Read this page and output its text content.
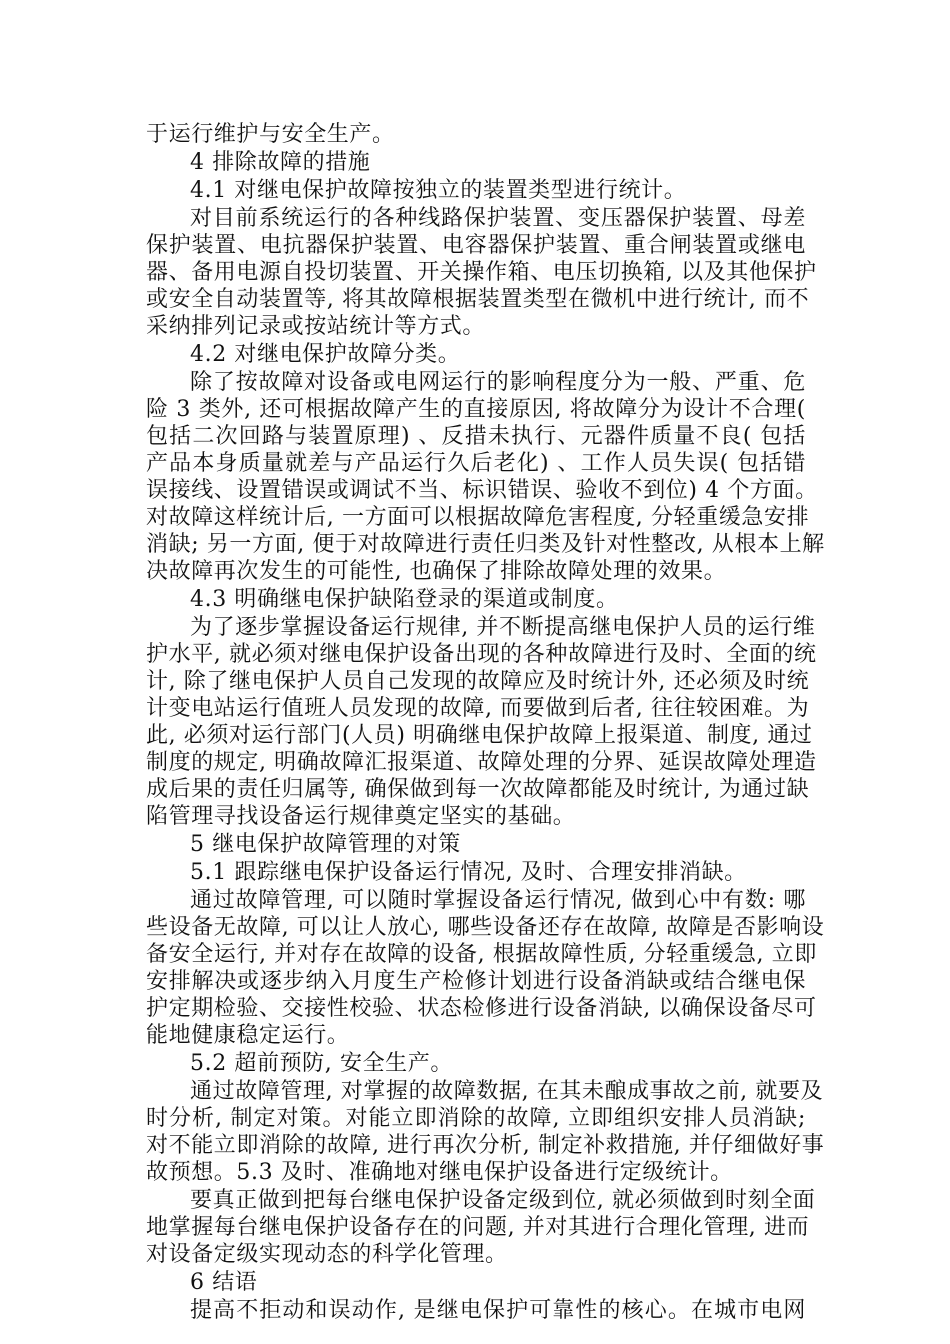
于运行维护与安全生产。
4 排除故障的措施
4.1 对继电保护故障按独立的装置类型进行统计。
对目前系统运行的各种线路保护装置、变压器保护装置、母差
保护装置、电抗器保护装置、电容器保护装置、重合闸装置或继电
器、备用电源自投切装置、开关操作箱、电压切换箱, 以及其他保护
或安全自动装置等, 将其故障根据装置类型在微机中进行统计, 而不
采纳排列记录或按站统计等方式。
4.2 对继电保护故障分类。
除了按故障对设备或电网运行的影响程度分为一般、严重、危
险 3 类外, 还可根据故障产生的直接原因, 将故障分为设计不合理(
包括二次回路与装置原理) 、反措未执行、元器件质量不良( 包括
产品本身质量就差与产品运行久后老化) 、工作人员失误( 包括错
误接线、设置错误或调试不当、标识错误、验收不到位) 4 个方面。
对故障这样统计后, 一方面可以根据故障危害程度, 分轻重缓急安排
消缺; 另一方面, 便于对故障进行责任归类及针对性整改, 从根本上解
决故障再次发生的可能性, 也确保了排除故障处理的效果。
4.3 明确继电保护缺陷登录的渠道或制度。
为了逐步掌握设备运行规律, 并不断提高继电保护人员的运行维
护水平, 就必须对继电保护设备出现的各种故障进行及时、全面的统
计, 除了继电保护人员自己发现的故障应及时统计外, 还必须及时统
计变电站运行值班人员发现的故障, 而要做到后者, 往往较困难。为
此, 必须对运行部门(人员) 明确继电保护故障上报渠道、制度, 通过
制度的规定, 明确故障汇报渠道、故障处理的分界、延误故障处理造
成后果的责任归属等, 确保做到每一次故障都能及时统计, 为通过缺
陷管理寻找设备运行规律奠定坚实的基础。
5 继电保护故障管理的对策
5.1 跟踪继电保护设备运行情况, 及时、合理安排消缺。
通过故障管理, 可以随时掌握设备运行情况, 做到心中有数: 哪
些设备无故障, 可以让人放心, 哪些设备还存在故障, 故障是否影响设
备安全运行, 并对存在故障的设备, 根据故障性质, 分轻重缓急, 立即
安排解决或逐步纳入月度生产检修计划进行设备消缺或结合继电保
护定期检验、交接性校验、状态检修进行设备消缺, 以确保设备尽可
能地健康稳定运行。
5.2 超前预防, 安全生产。
通过故障管理, 对掌握的故障数据, 在其未酿成事故之前, 就要及
时分析, 制定对策。对能立即消除的故障, 立即组织安排人员消缺;
对不能立即消除的故障, 进行再次分析, 制定补救措施, 并仔细做好事
故预想。5.3 及时、准确地对继电保护设备进行定级统计。
要真正做到把每台继电保护设备定级到位, 就必须做到时刻全面
地掌握每台继电保护设备存在的问题, 并对其进行合理化管理, 进而
对设备定级实现动态的科学化管理。
6 结语
提高不拒动和误动作, 是继电保护可靠性的核心。在城市电网
